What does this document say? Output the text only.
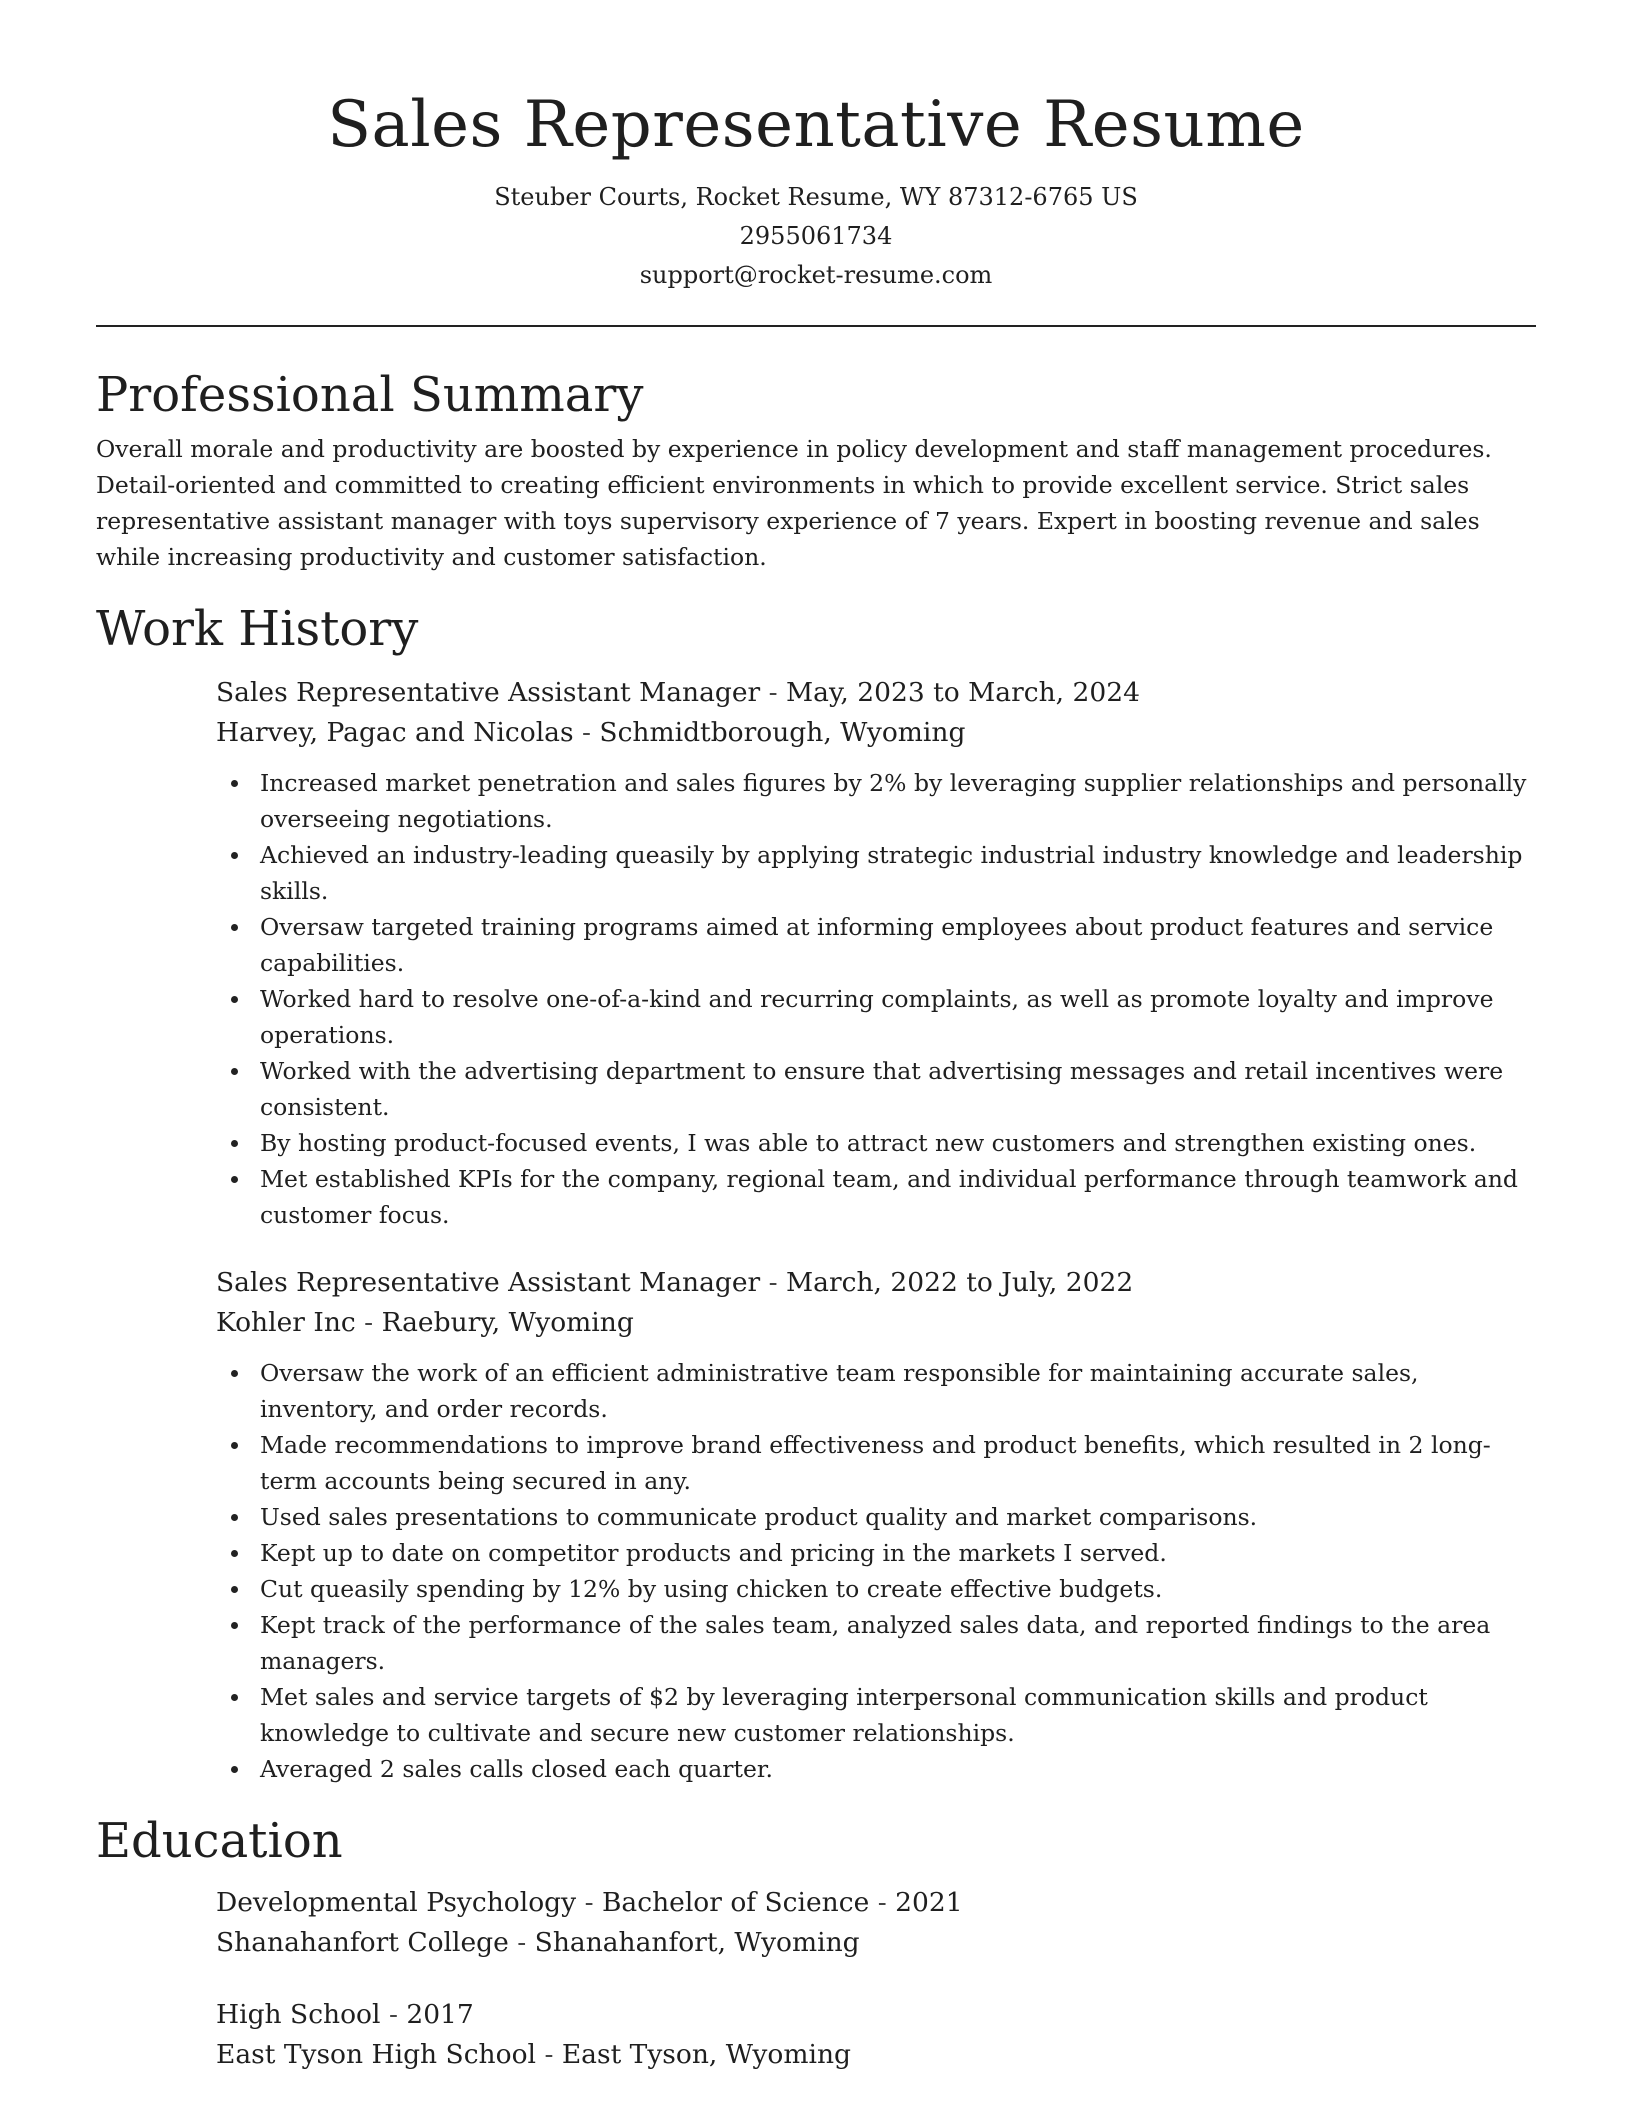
Sales Representative Resume

Steuber Courts, Rocket Resume, WY 87312-6765 US

2955061734

support@rocket-resume.com

Professional Summary

Overall morale and productivity are boosted by experience in policy development and staff management procedures. Detail-oriented and committed to creating efficient environments in which to provide excellent service. Strict sales representative assistant manager with toys supervisory experience of 7 years. Expert in boosting revenue and sales while increasing productivity and customer satisfaction.

Work History

Sales Representative Assistant Manager - May, 2023 to March, 2024

Harvey, Pagac and Nicolas - Schmidtborough, Wyoming

Increased market penetration and sales figures by 2% by leveraging supplier relationships and personally overseeing negotiations.
Achieved an industry-leading queasily by applying strategic industrial industry knowledge and leadership skills.
Oversaw targeted training programs aimed at informing employees about product features and service capabilities.
Worked hard to resolve one-of-a-kind and recurring complaints, as well as promote loyalty and improve operations.
Worked with the advertising department to ensure that advertising messages and retail incentives were consistent.
By hosting product-focused events, I was able to attract new customers and strengthen existing ones.
Met established KPIs for the company, regional team, and individual performance through teamwork and customer focus.

Sales Representative Assistant Manager - March, 2022 to July, 2022

Kohler Inc - Raebury, Wyoming

Oversaw the work of an efficient administrative team responsible for maintaining accurate sales, inventory, and order records.
Made recommendations to improve brand effectiveness and product benefits, which resulted in 2 long-term accounts being secured in any.
Used sales presentations to communicate product quality and market comparisons.
Kept up to date on competitor products and pricing in the markets I served.
Cut queasily spending by 12% by using chicken to create effective budgets.
Kept track of the performance of the sales team, analyzed sales data, and reported findings to the area managers.
Met sales and service targets of $2 by leveraging interpersonal communication skills and product knowledge to cultivate and secure new customer relationships.
Averaged 2 sales calls closed each quarter.
Education

Developmental Psychology - Bachelor of Science - 2021

Shanahanfort College - Shanahanfort, Wyoming

High School - 2017

East Tyson High School - East Tyson, Wyoming
